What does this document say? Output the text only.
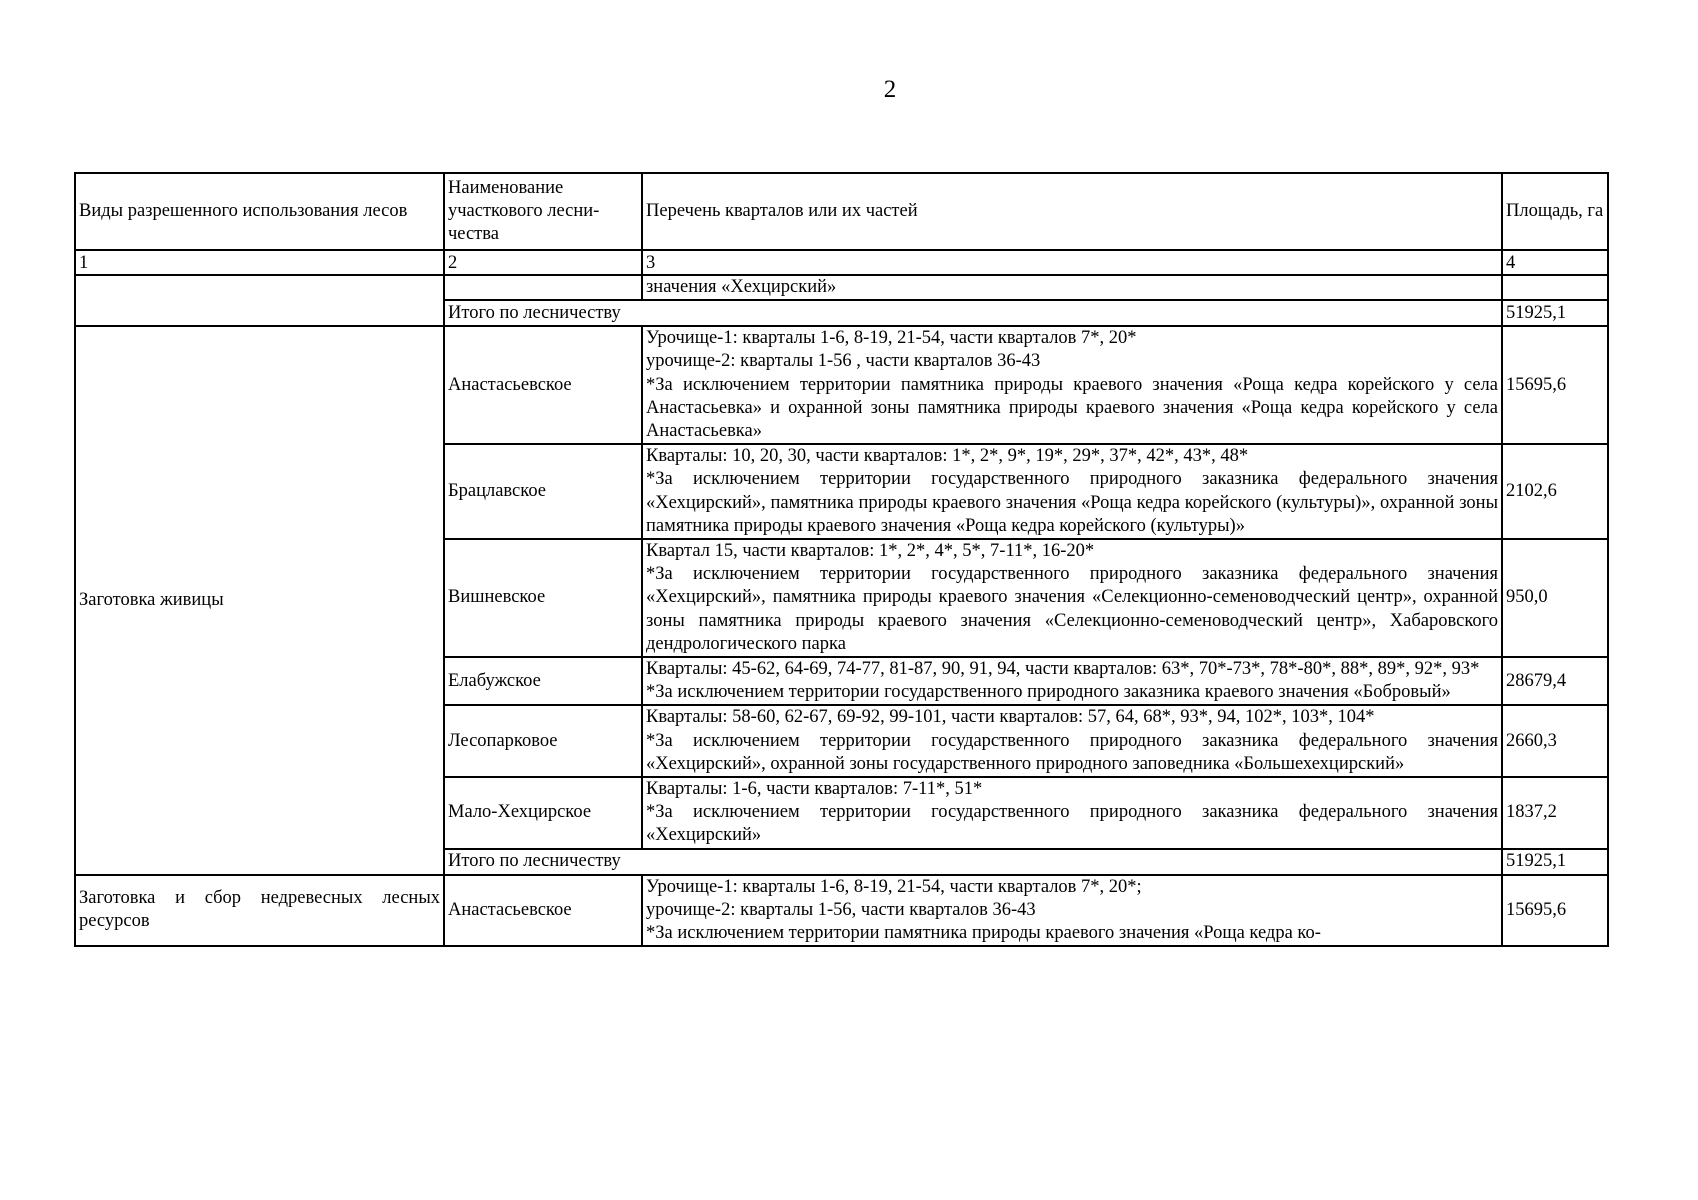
2
Виды разрешенного использования лесов	Наименование участкового лесни-чества	Перечень кварталов или их частей	Площадь, га
1	2	3	4
		значения «Хехцирский»	
	Итого по лесничеству		51925,1
Заготовка живицы	Анастасьевское	Урочище-1: кварталы 1-6, 8-19, 21-54, части кварталов 7*, 20*
урочище-2: кварталы 1-56 , части кварталов 36-43
*За исключением территории памятника природы краевого значения «Роща кедра корейского у села Анастасьевка» и охранной зоны памятника природы краевого значения «Роща кедра корейского у села Анастасьевка»	15695,6
	Брацлавское	Кварталы: 10, 20, 30, части кварталов: 1*, 2*, 9*, 19*, 29*, 37*, 42*, 43*, 48*
*За исключением территории государственного природного заказника федерального значения «Хехцирский», памятника природы краевого значения «Роща кедра корейского (культуры)», охранной зоны памятника природы краевого значения «Роща кедра корейского (культуры)»	2102,6
	Вишневское	Квартал 15, части кварталов: 1*, 2*, 4*, 5*, 7-11*, 16-20*
*За исключением территории государственного природного заказника федерального значения «Хехцирский», памятника природы краевого значения «Селекционно-семеноводческий центр», охранной зоны памятника природы краевого значения «Селекционно-семеноводческий центр», Хабаровского дендрологического парка	950,0
	Елабужское	Кварталы: 45-62, 64-69, 74-77, 81-87, 90, 91, 94, части кварталов: 63*, 70*-73*, 78*-80*, 88*, 89*, 92*, 93*
*За исключением территории государственного природного заказника краевого значения «Бобровый»	28679,4
	Лесопарковое	Кварталы: 58-60, 62-67, 69-92, 99-101, части кварталов: 57, 64, 68*, 93*, 94, 102*, 103*, 104*
*За исключением территории государственного природного заказника федерального значения «Хехцирский», охранной зоны государственного природного заповедника «Большехехцирский»	2660,3
	Мало-Хехцирское	Кварталы: 1-6, части кварталов: 7-11*, 51*
*За исключением территории государственного природного заказника федерального значения «Хехцирский»	1837,2
	Итого по лесничеству		51925,1
Заготовка и сбор недревесных лесных ресурсов	Анастасьевское	Урочище-1: кварталы 1-6, 8-19, 21-54, части кварталов 7*, 20*;
урочище-2: кварталы 1-56, части кварталов 36-43
*За исключением территории памятника природы краевого значения «Роща кедра ко-	15695,6
